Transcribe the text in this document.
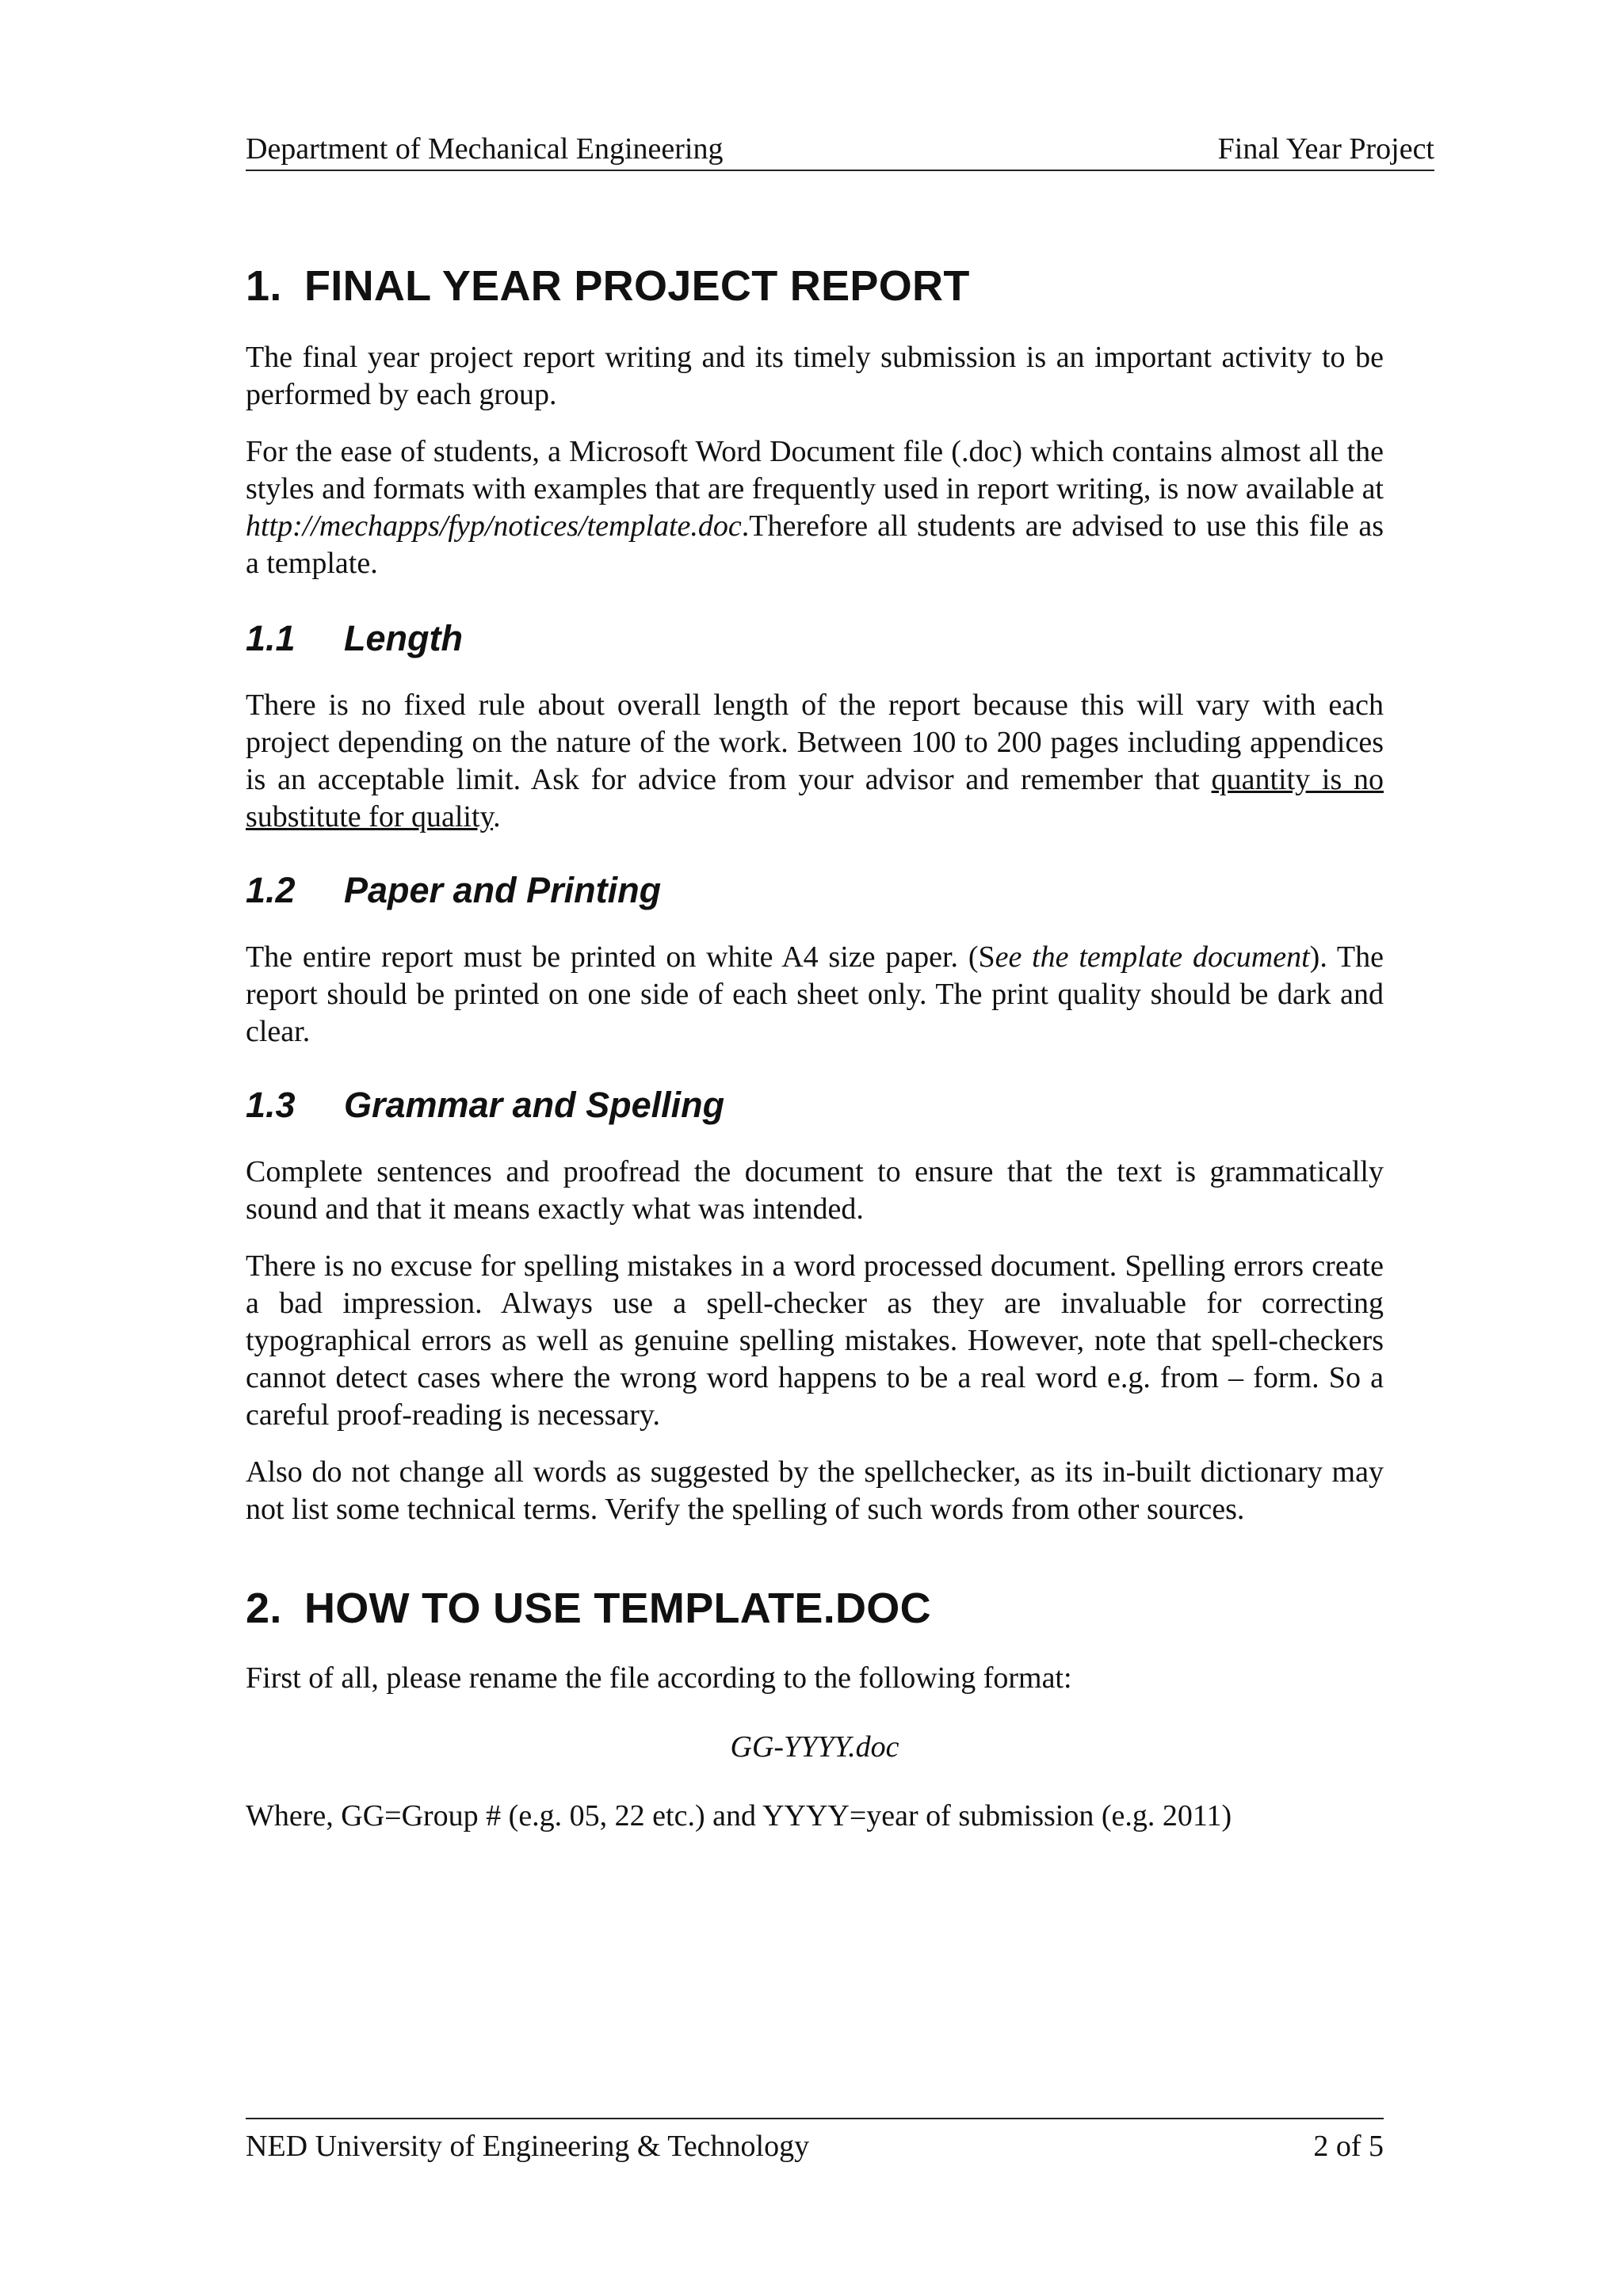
Department of Mechanical Engineering	Final Year Project
1. FINAL YEAR PROJECT REPORT

The final year project report writing and its timely submission is an important activity to be performed by each group.

For the ease of students, a Microsoft Word Document file (.doc) which contains almost all the styles and formats with examples that are frequently used in report writing, is now available at http://mechapps/fyp/notices/template.doc.Therefore all students are advised to use this file as a template.

1.1 Length

There is no fixed rule about overall length of the report because this will vary with each project depending on the nature of the work. Between 100 to 200 pages including appendices is an acceptable limit. Ask for advice from your advisor and remember that quantity is no substitute for quality.

1.2 Paper and Printing

The entire report must be printed on white A4 size paper. (See the template document). The report should be printed on one side of each sheet only. The print quality should be dark and clear.

1.3 Grammar and Spelling

Complete sentences and proofread the document to ensure that the text is grammatically sound and that it means exactly what was intended.

There is no excuse for spelling mistakes in a word processed document. Spelling errors create a bad impression. Always use a spell-checker as they are invaluable for correcting typographical errors as well as genuine spelling mistakes. However, note that spell-checkers cannot detect cases where the wrong word happens to be a real word e.g. from – form. So a careful proof-reading is necessary.

Also do not change all words as suggested by the spellchecker, as its in-built dictionary may not list some technical terms. Verify the spelling of such words from other sources.

2. HOW TO USE TEMPLATE.DOC

First of all, please rename the file according to the following format:

GG-YYYY.doc

Where, GG=Group # (e.g. 05, 22 etc.) and YYYY=year of submission (e.g. 2011)

NED University of Engineering & Technology	2 of 5
